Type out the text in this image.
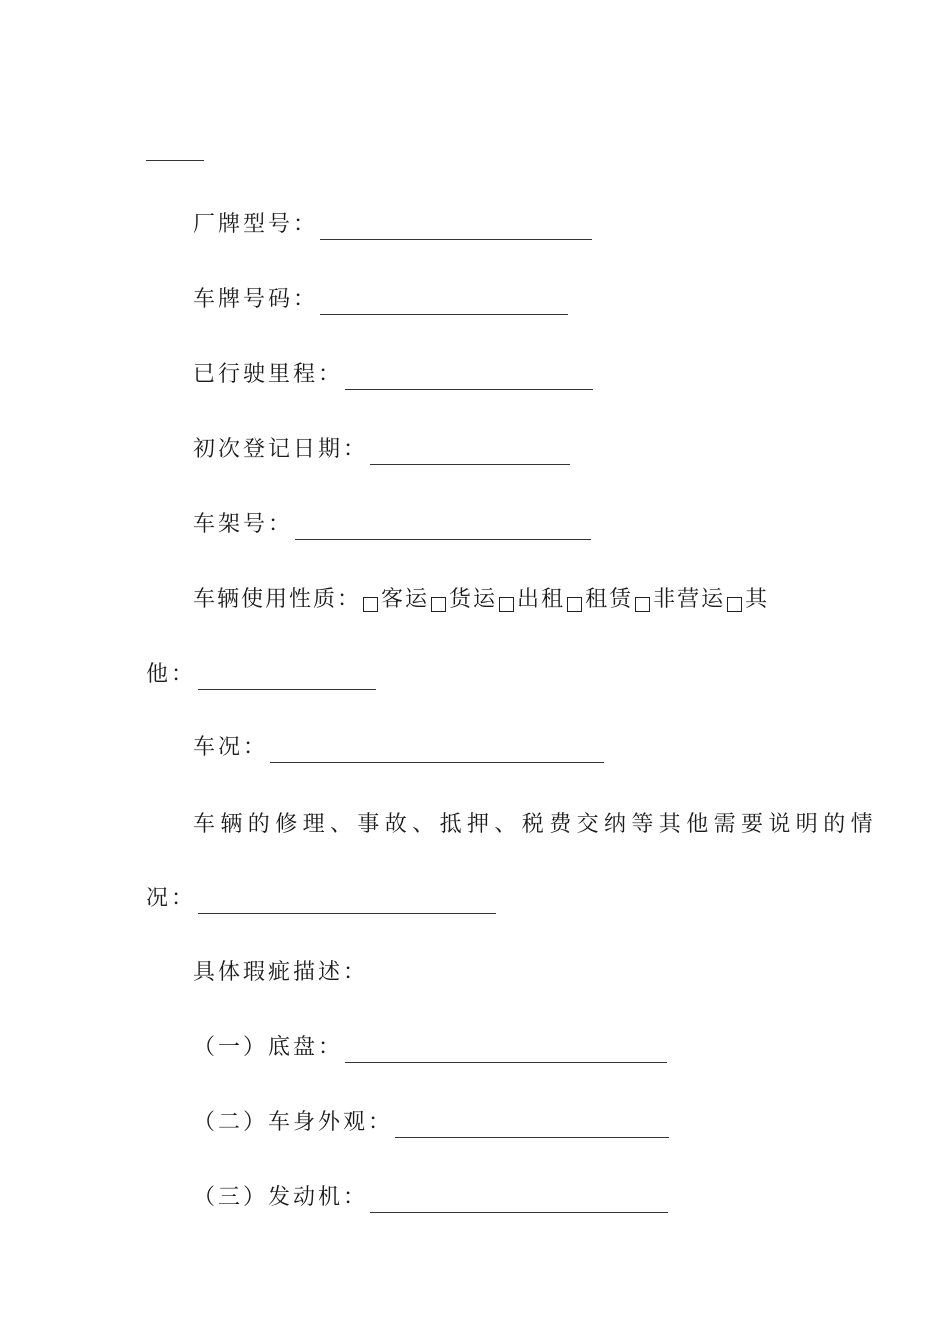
厂牌型号：
车牌号码：
已行驶里程：
初次登记日期：
车架号：
车辆使用性质： 客运 货运 出租 租赁 非营运 其
他：
车况：
车辆的修理、事故、抵押、税费交纳等其他需要说明的情
况：
具体瑕疵描述：
（一）底盘：
（二）车身外观：
（三）发动机：
